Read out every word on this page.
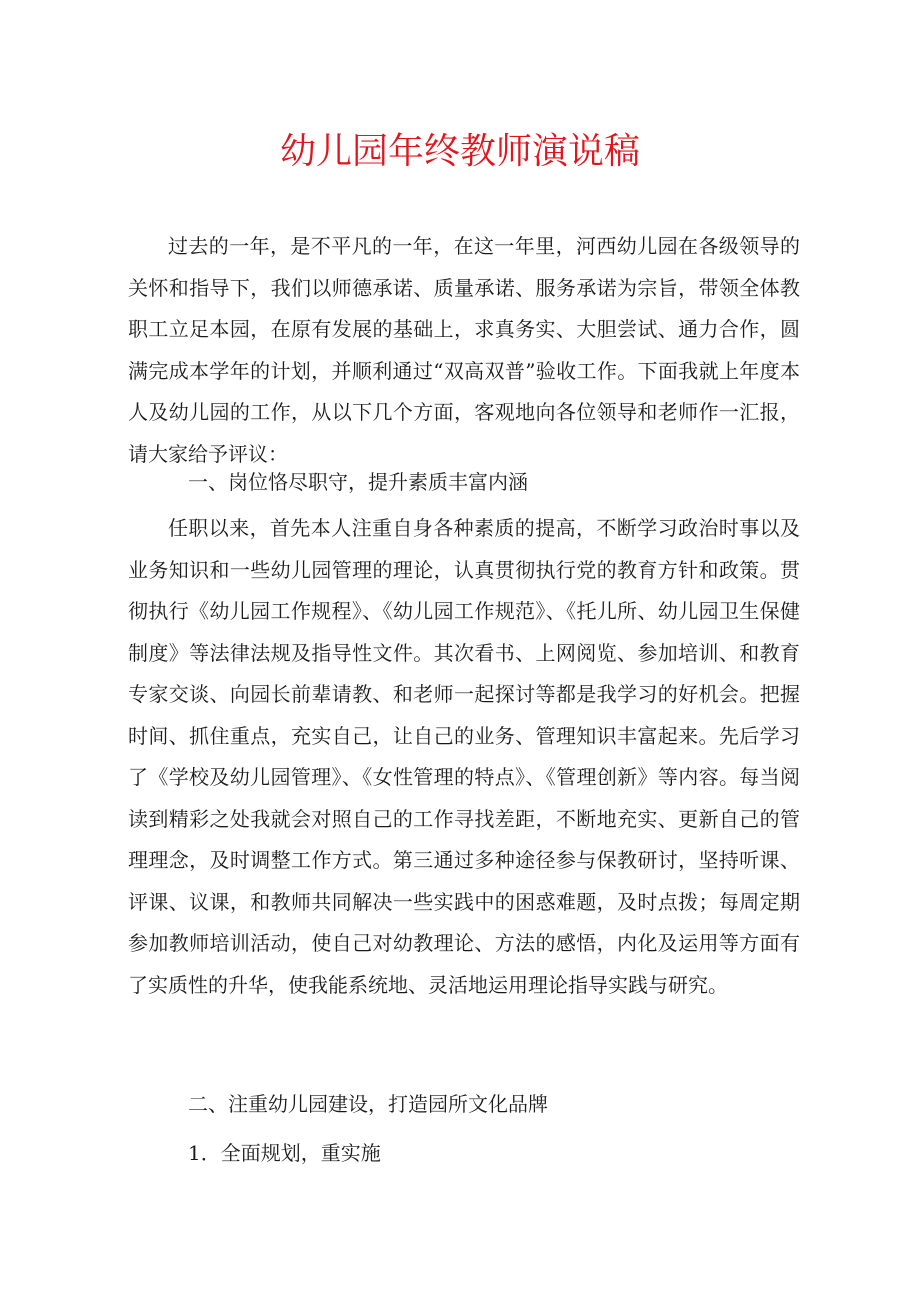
幼儿园年终教师演说稿

过去的一年，是不平凡的一年，在这一年里，河西幼儿园在各级领导的关怀和指导下，我们以师德承诺、质量承诺、服务承诺为宗旨，带领全体教职工立足本园，在原有发展的基础上，求真务实、大胆尝试、通力合作，圆满完成本学年的计划，并顺利通过“双高双普”验收工作。下面我就上年度本人及幼儿园的工作，从以下几个方面，客观地向各位领导和老师作一汇报，请大家给予评议：

一、岗位恪尽职守，提升素质丰富内涵

任职以来，首先本人注重自身各种素质的提高，不断学习政治时事以及业务知识和一些幼儿园管理的理论，认真贯彻执行党的教育方针和政策。贯彻执行《幼儿园工作规程》、《幼儿园工作规范》、《托儿所、幼儿园卫生保健制度》等法律法规及指导性文件。其次看书、上网阅览、参加培训、和教育专家交谈、向园长前辈请教、和老师一起探讨等都是我学习的好机会。把握时间、抓住重点，充实自己，让自己的业务、管理知识丰富起来。先后学习了《学校及幼儿园管理》、《女性管理的特点》、《管理创新》等内容。每当阅读到精彩之处我就会对照自己的工作寻找差距，不断地充实、更新自己的管理理念，及时调整工作方式。第三通过多种途径参与保教研讨，坚持听课、评课、议课，和教师共同解决一些实践中的困惑难题，及时点拨；每周定期参加教师培训活动，使自己对幼教理论、方法的感悟，内化及运用等方面有了实质性的升华，使我能系统地、灵活地运用理论指导实践与研究。

二、注重幼儿园建设，打造园所文化品牌

1．全面规划，重实施
